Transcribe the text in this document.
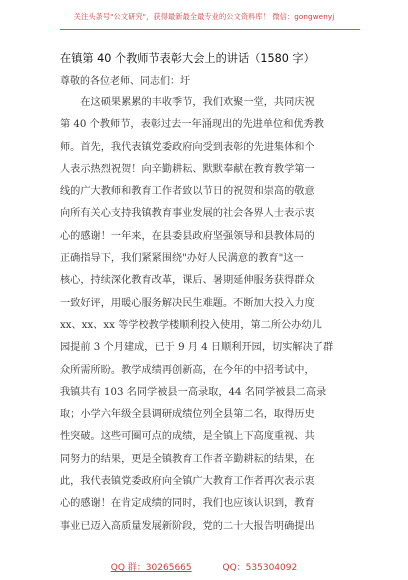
关注头条号"公文研究"，获得最新最全最专业的公文资料库！ 微信：gongwenyj
在镇第 40 个教师节表彰大会上的讲话（1580 字）
尊敬的各位老师、同志们：圩
　　在这硕果累累的丰收季节，我们欢聚一堂，共同庆祝
第 40 个教师节，表彰过去一年涌现出的先进单位和优秀教
师。首先，我代表镇党委政府向受到表彰的先进集体和个
人表示热烈祝贺！向辛勤耕耘、默默奉献在教育教学第一
线的广大教师和教育工作者致以节日的祝贺和崇高的敬意
向所有关心支持我镇教育事业发展的社会各界人士表示衷
心的感谢！一年来，在县委县政府坚强领导和县教体局的
正确指导下，我们紧紧围绕"办好人民满意的教育"这一
核心，持续深化教育改革，课后、暑期延伸服务获得群众
一致好评，用暖心服务解决民生难题。不断加大投入力度
xx、xx、xx 等学校教学楼顺利投入使用，第二所公办幼儿
园提前 3 个月建成，已于 9 月 4 日顺利开园，切实解决了群
众所需所盼。教学成绩再创新高，在今年的中招考试中，
我镇共有 103 名同学被县一高录取，44 名同学被县二高录
取；小学六年级全县调研成绩位列全县第二名，取得历史
性突破。这些可圈可点的成绩，是全镇上下高度重视、共
同努力的结果，更是全镇教育工作者辛勤耕耘的结果，在
此，我代表镇党委政府向全镇广大教育工作者再次表示衷
心的感谢！在肯定成绩的同时，我们也应该认识到，教育
事业已迈入高质量发展新阶段，党的二十大报告明确提出
QQ 群：30265665	QQ：535304092
